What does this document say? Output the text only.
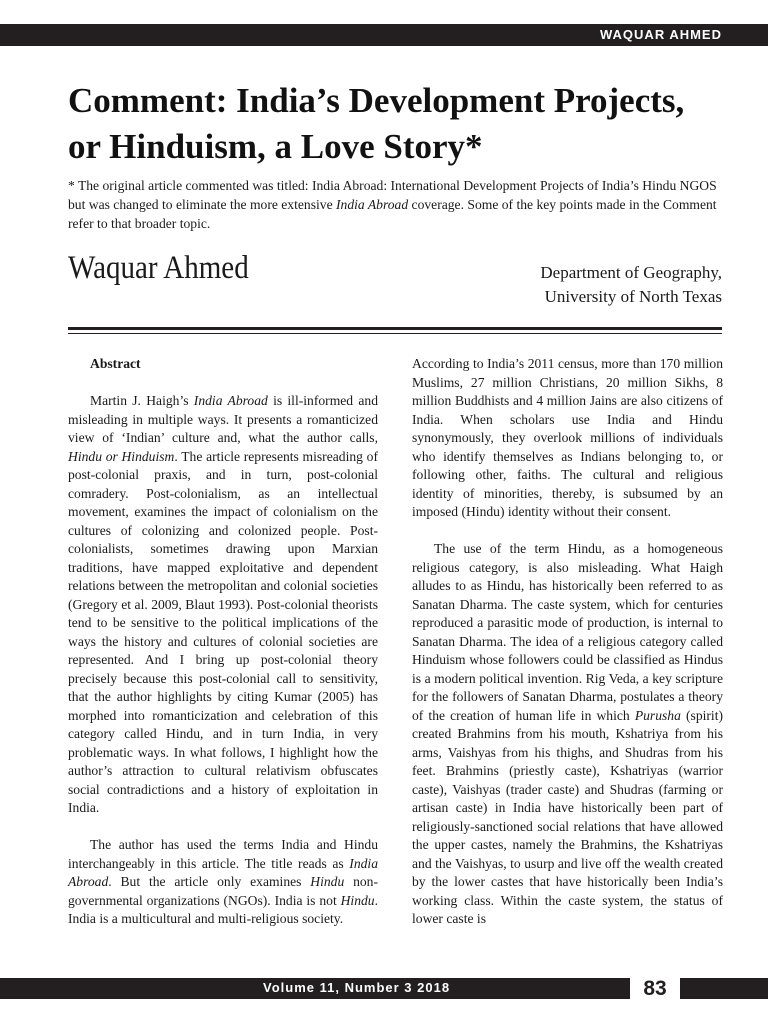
WAQUAR AHMED
Comment: India’s Development Projects,
or Hinduism, a Love Story*
* The original article commented was titled: India Abroad: International Development Projects of India’s Hindu NGOS but was changed to eliminate the more extensive India Abroad coverage. Some of the key points made in the Comment refer to that broader topic.
Waquar Ahmed	Department of Geography,
University of North Texas
Abstract

Martin J. Haigh’s India Abroad is ill-informed and misleading in multiple ways. It presents a romanticized view of ‘Indian’ culture and, what the author calls, Hindu or Hinduism. The article represents misreading of post-colonial praxis, and in turn, post-colonial comradery. Post-colonialism, as an intellectual movement, examines the impact of colonialism on the cultures of colonizing and colonized people. Post-colonialists, sometimes drawing upon Marxian traditions, have mapped exploitative and dependent relations between the metropolitan and colonial societies (Gregory et al. 2009, Blaut 1993). Post-colonial theorists tend to be sensitive to the political implications of the ways the history and cultures of colonial societies are represented. And I bring up post-colonial theory precisely because this post-colonial call to sensitivity, that the author highlights by citing Kumar (2005) has morphed into romanticization and celebration of this category called Hindu, and in turn India, in very problematic ways. In what follows, I highlight how the author’s attraction to cultural relativism obfuscates social contradictions and a history of exploitation in India.

The author has used the terms India and Hindu interchangeably in this article. The title reads as India Abroad. But the article only examines Hindu non-governmental organizations (NGOs). India is not Hindu. India is a multicultural and multi-religious society.

According to India’s 2011 census, more than 170 million Muslims, 27 million Christians, 20 million Sikhs, 8 million Buddhists and 4 million Jains are also citizens of India. When scholars use India and Hindu synonymously, they overlook millions of individuals who identify themselves as Indians belonging to, or following other, faiths. The cultural and religious identity of minorities, thereby, is subsumed by an imposed (Hindu) identity without their consent.

The use of the term Hindu, as a homogeneous religious category, is also misleading. What Haigh alludes to as Hindu, has historically been referred to as Sanatan Dharma. The caste system, which for centuries reproduced a parasitic mode of production, is internal to Sanatan Dharma. The idea of a religious category called Hinduism whose followers could be classified as Hindus is a modern political invention. Rig Veda, a key scripture for the followers of Sanatan Dharma, postulates a theory of the creation of human life in which Purusha (spirit) created Brahmins from his mouth, Kshatriya from his arms, Vaishyas from his thighs, and Shudras from his feet. Brahmins (priestly caste), Kshatriyas (warrior caste), Vaishyas (trader caste) and Shudras (farming or artisan caste) in India have historically been part of religiously-sanctioned social relations that have allowed the upper castes, namely the Brahmins, the Kshatriyas and the Vaishyas, to usurp and live off the wealth created by the lower castes that have historically been India’s working class. Within the caste system, the status of lower caste is

Volume 11, Number 3 2018	83
